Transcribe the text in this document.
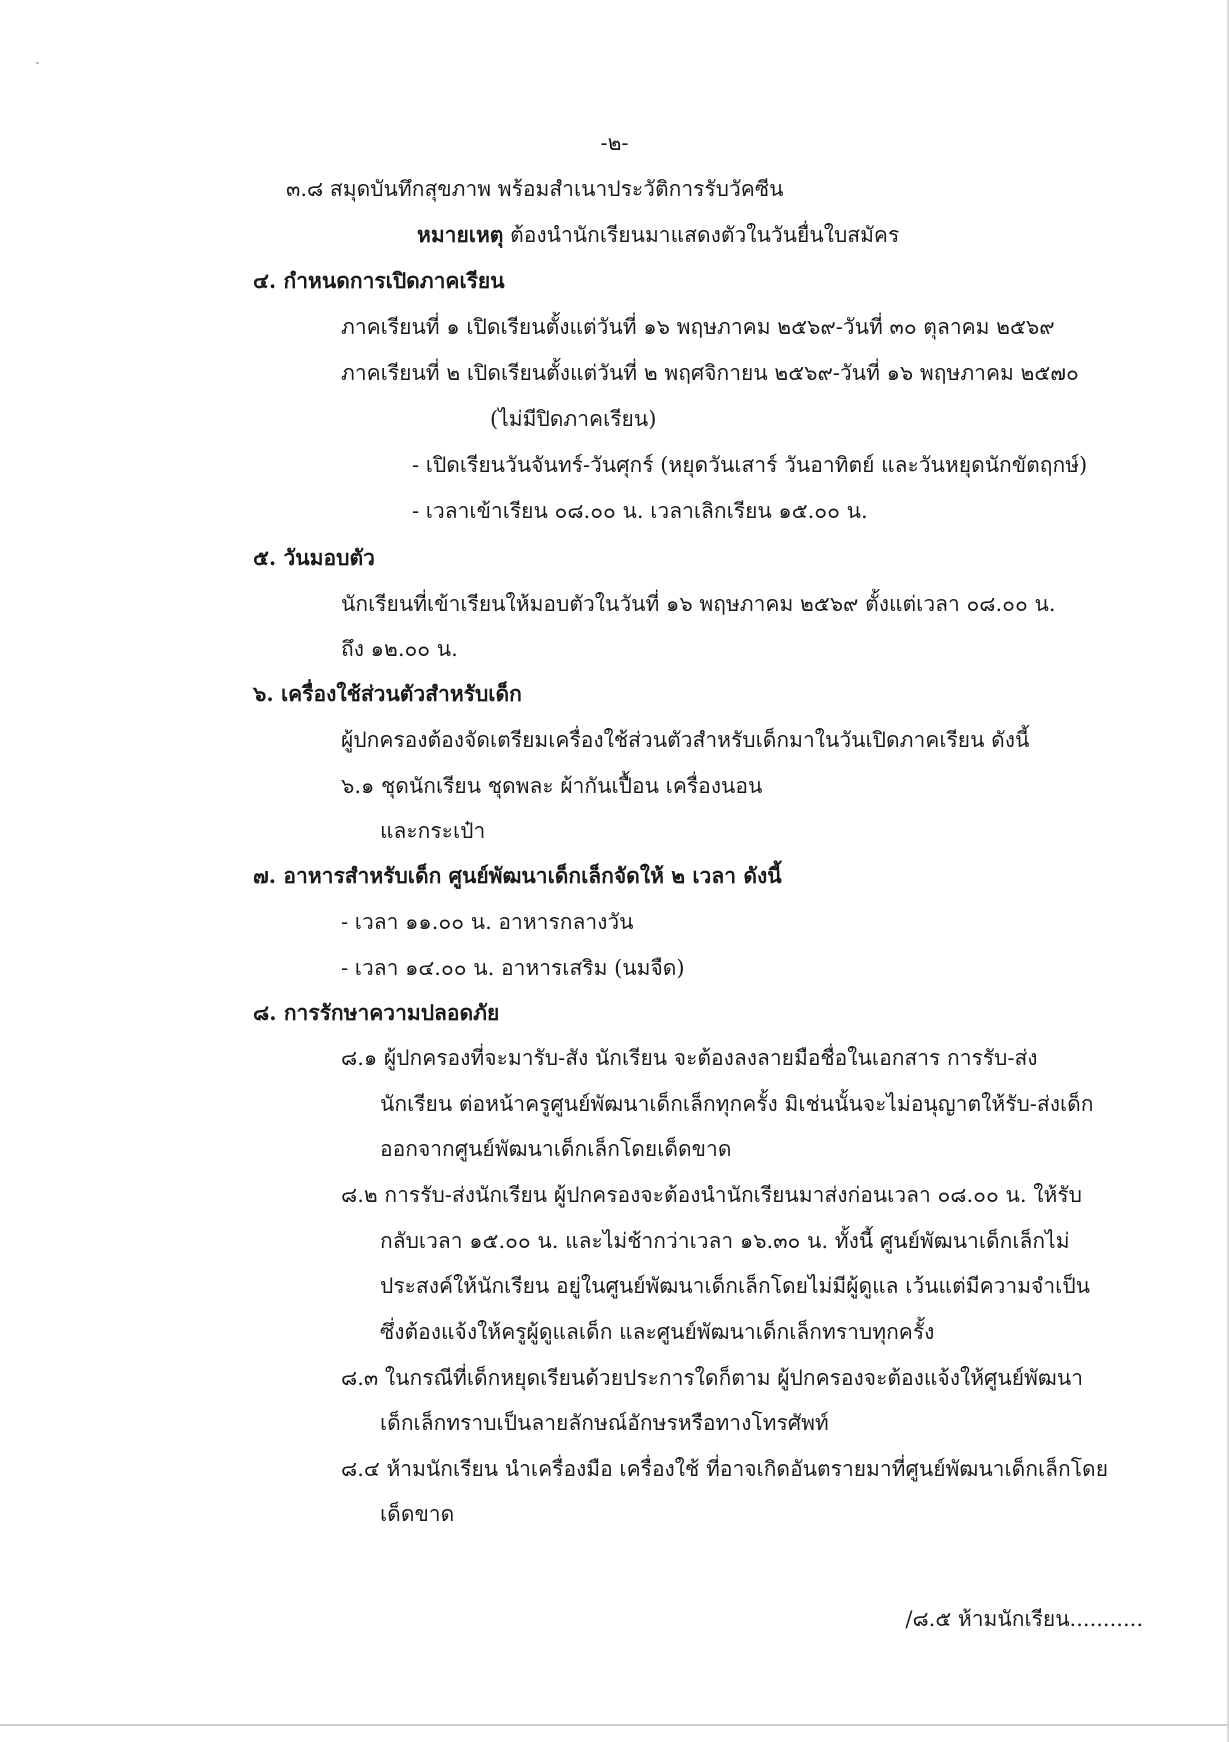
-๒-
๓.๘ สมุดบันทึกสุขภาพ พร้อมสำเนาประวัติการรับวัคซีน
หมายเหตุ ต้องนำนักเรียนมาแสดงตัวในวันยื่นใบสมัคร
๔. กำหนดการเปิดภาคเรียน
ภาคเรียนที่ ๑ เปิดเรียนตั้งแต่วันที่ ๑๖ พฤษภาคม ๒๕๖๙-วันที่ ๓๐ ตุลาคม ๒๕๖๙
ภาคเรียนที่ ๒ เปิดเรียนตั้งแต่วันที่ ๒ พฤศจิกายน ๒๕๖๙-วันที่ ๑๖ พฤษภาคม ๒๕๗๐
(ไม่มีปิดภาคเรียน)
- เปิดเรียนวันจันทร์-วันศุกร์ (หยุดวันเสาร์ วันอาทิตย์ และวันหยุดนักขัตฤกษ์)
- เวลาเข้าเรียน ๐๘.๐๐ น. เวลาเลิกเรียน ๑๕.๐๐ น.
๕. วันมอบตัว
นักเรียนที่เข้าเรียนให้มอบตัวในวันที่ ๑๖ พฤษภาคม ๒๕๖๙ ตั้งแต่เวลา ๐๘.๐๐ น.
ถึง ๑๒.๐๐ น.
๖. เครื่องใช้ส่วนตัวสำหรับเด็ก
ผู้ปกครองต้องจัดเตรียมเครื่องใช้ส่วนตัวสำหรับเด็กมาในวันเปิดภาคเรียน ดังนี้
๖.๑ ชุดนักเรียน ชุดพละ ผ้ากันเปื้อน เครื่องนอน
และกระเป๋า
๗. อาหารสำหรับเด็ก ศูนย์พัฒนาเด็กเล็กจัดให้ ๒ เวลา ดังนี้
- เวลา ๑๑.๐๐ น. อาหารกลางวัน
- เวลา ๑๔.๐๐ น. อาหารเสริม (นมจืด)
๘. การรักษาความปลอดภัย
๘.๑ ผู้ปกครองที่จะมารับ-สัง นักเรียน จะต้องลงลายมือชื่อในเอกสาร การรับ-ส่ง
นักเรียน ต่อหน้าครูศูนย์พัฒนาเด็กเล็กทุกครั้ง มิเช่นนั้นจะไม่อนุญาตให้รับ-ส่งเด็ก
ออกจากศูนย์พัฒนาเด็กเล็กโดยเด็ดขาด
๘.๒ การรับ-ส่งนักเรียน ผู้ปกครองจะต้องนำนักเรียนมาส่งก่อนเวลา ๐๘.๐๐ น. ให้รับ
กลับเวลา ๑๕.๐๐ น. และไม่ช้ากว่าเวลา ๑๖.๓๐ น. ทั้งนี้ ศูนย์พัฒนาเด็กเล็กไม่
ประสงค์ให้นักเรียน อยู่ในศูนย์พัฒนาเด็กเล็กโดยไม่มีผู้ดูแล เว้นแต่มีความจำเป็น
ซึ่งต้องแจ้งให้ครูผู้ดูแลเด็ก และศูนย์พัฒนาเด็กเล็กทราบทุกครั้ง
๘.๓ ในกรณีที่เด็กหยุดเรียนด้วยประการใดก็ตาม ผู้ปกครองจะต้องแจ้งให้ศูนย์พัฒนา
เด็กเล็กทราบเป็นลายลักษณ์อักษรหรือทางโทรศัพท์
๘.๔ ห้ามนักเรียน นำเครื่องมือ เครื่องใช้ ที่อาจเกิดอันตรายมาที่ศูนย์พัฒนาเด็กเล็กโดย
เด็ดขาด
/๘.๕ ห้ามนักเรียน...........
